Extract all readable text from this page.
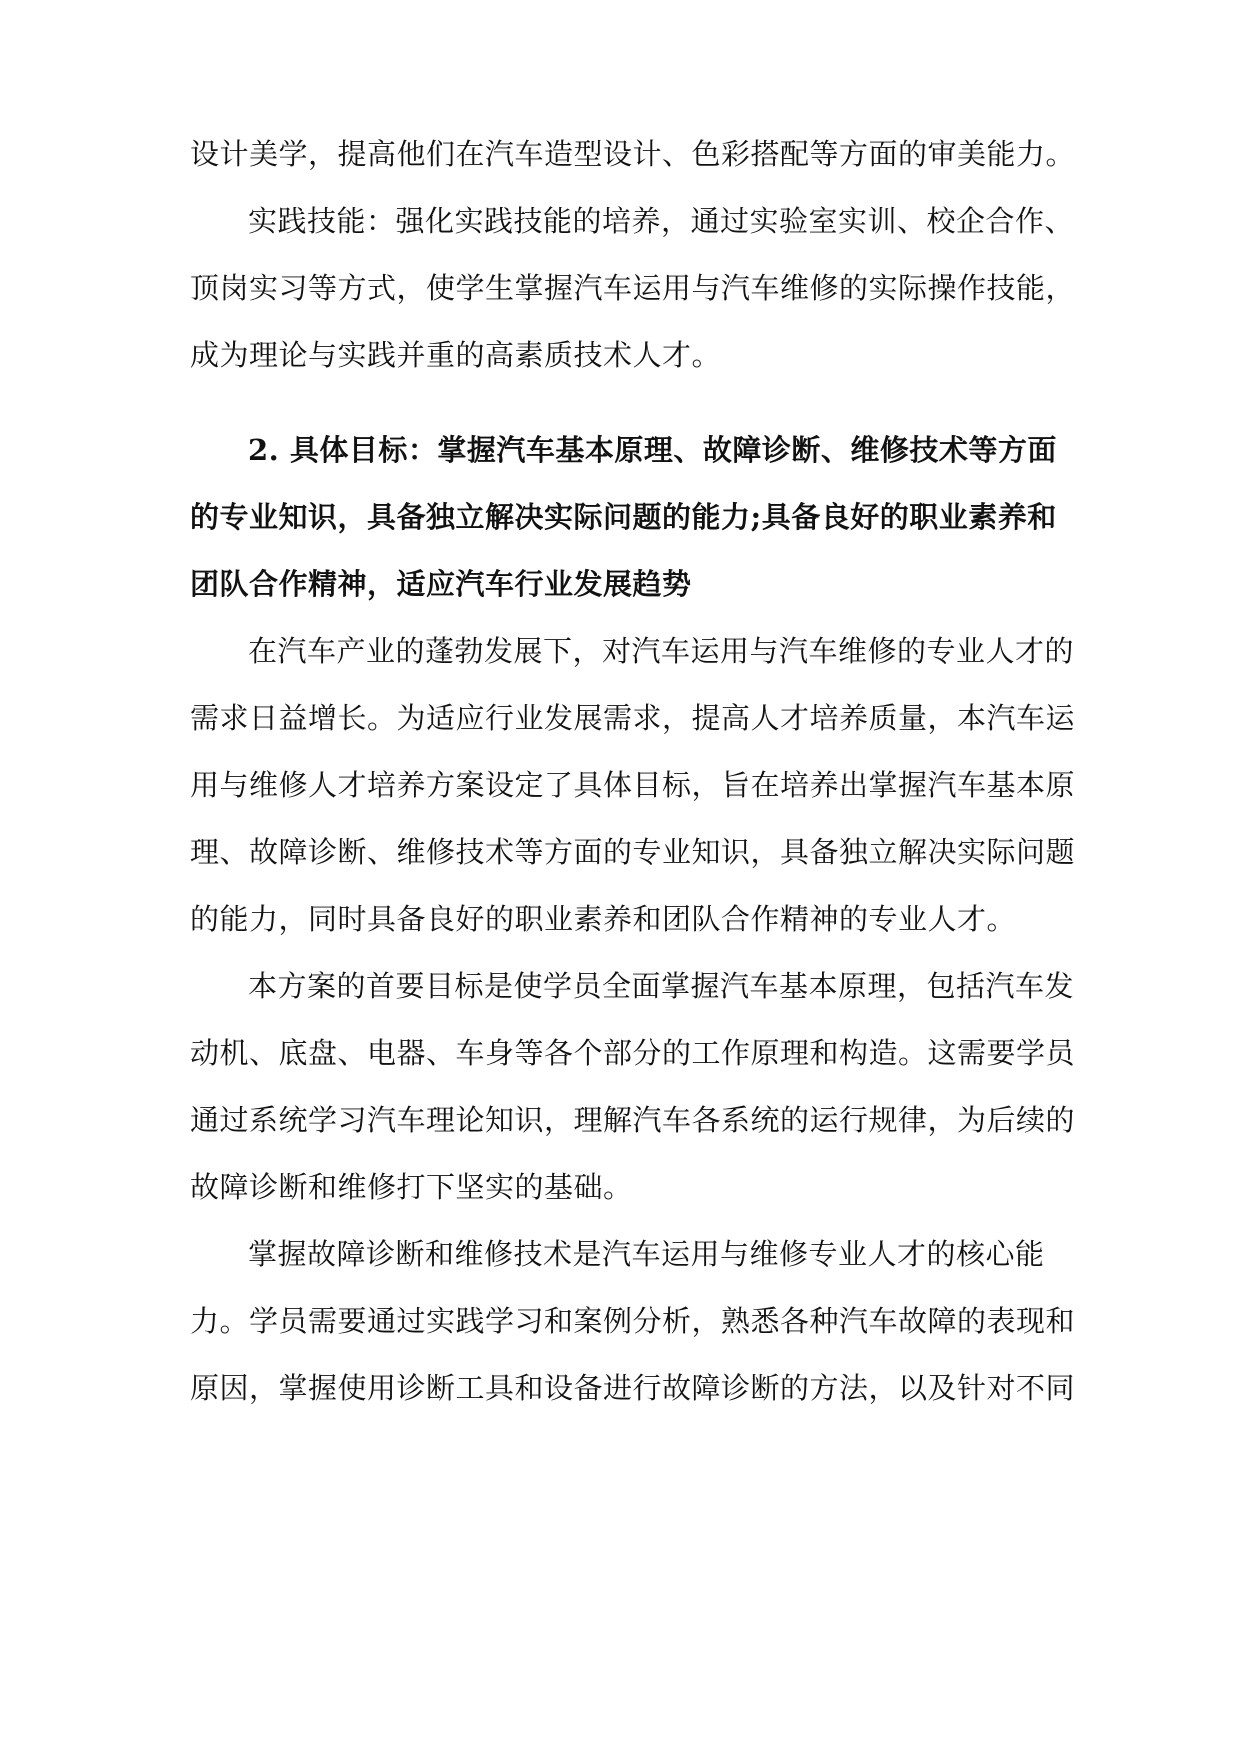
设计美学，提高他们在汽车造型设计、色彩搭配等方面的审美能力。
实践技能：强化实践技能的培养，通过实验室实训、校企合作、
顶岗实习等方式，使学生掌握汽车运用与汽车维修的实际操作技能，
成为理论与实践并重的高素质技术人才。
2. 具体目标：掌握汽车基本原理、故障诊断、维修技术等方面
的专业知识，具备独立解决实际问题的能力;具备良好的职业素养和
团队合作精神，适应汽车行业发展趋势
在汽车产业的蓬勃发展下，对汽车运用与汽车维修的专业人才的
需求日益增长。为适应行业发展需求，提高人才培养质量，本汽车运
用与维修人才培养方案设定了具体目标，旨在培养出掌握汽车基本原
理、故障诊断、维修技术等方面的专业知识，具备独立解决实际问题
的能力，同时具备良好的职业素养和团队合作精神的专业人才。
本方案的首要目标是使学员全面掌握汽车基本原理，包括汽车发
动机、底盘、电器、车身等各个部分的工作原理和构造。这需要学员
通过系统学习汽车理论知识，理解汽车各系统的运行规律，为后续的
故障诊断和维修打下坚实的基础。
掌握故障诊断和维修技术是汽车运用与维修专业人才的核心能
力。学员需要通过实践学习和案例分析，熟悉各种汽车故障的表现和
原因，掌握使用诊断工具和设备进行故障诊断的方法，以及针对不同
